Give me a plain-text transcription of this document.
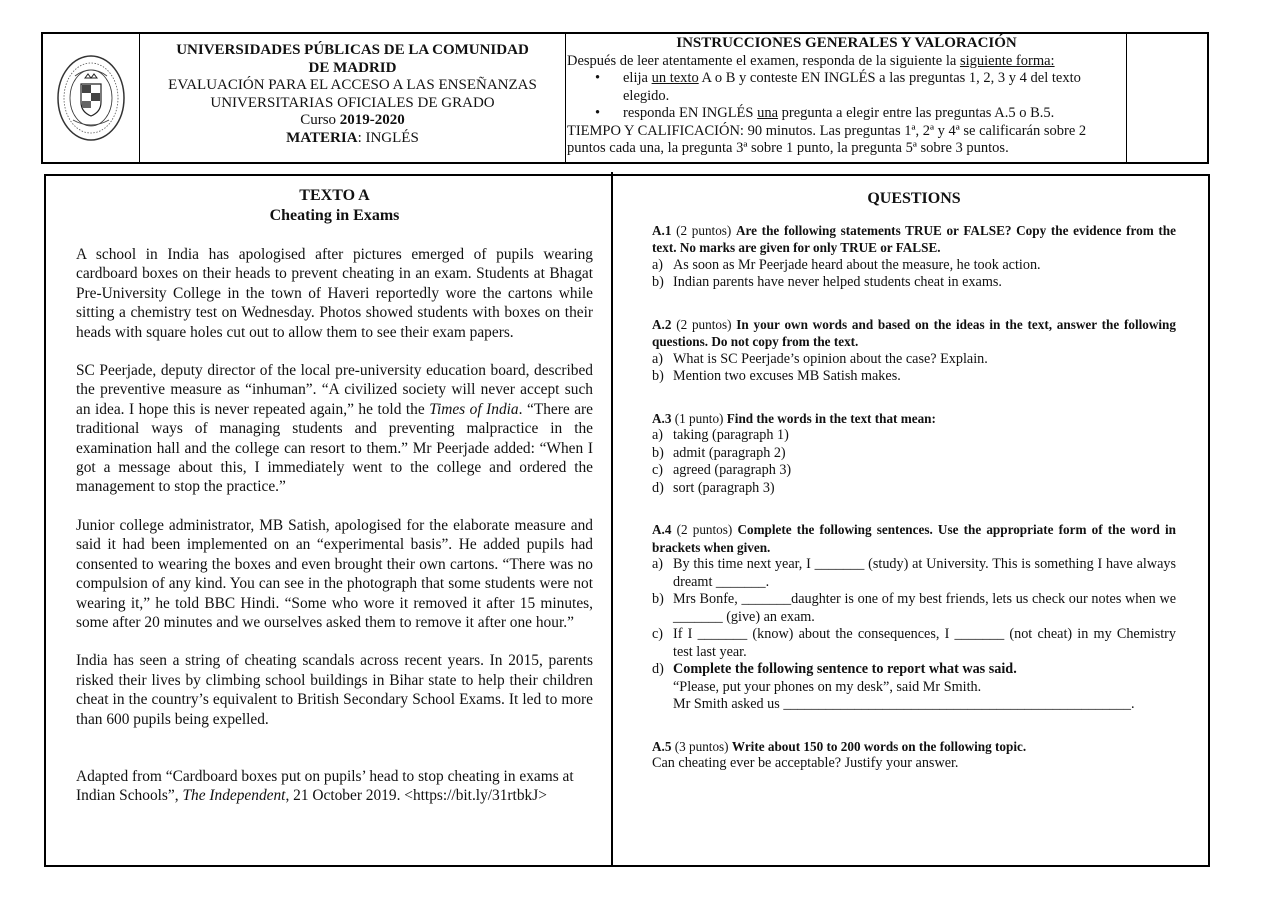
UNIVERSIDADES PÚBLICAS DE LA COMUNIDAD
DE MADRID
EVALUACIÓN PARA EL ACCESO A LAS ENSEÑANZAS
UNIVERSITARIAS OFICIALES DE GRADO
Curso 2019-2020
MATERIA: INGLÉS
INSTRUCCIONES GENERALES Y VALORACIÓN
Después de leer atentamente el examen, responda de la siguiente la siguiente forma:
•	elija un texto A o B y conteste EN INGLÉS a las preguntas 1, 2, 3 y 4 del texto elegido.
•	responda EN INGLÉS una pregunta a elegir entre las preguntas A.5 o B.5.
TIEMPO Y CALIFICACIÓN: 90 minutos. Las preguntas 1ª, 2ª y 4ª se calificarán sobre 2 puntos cada una, la pregunta 3ª sobre 1 punto, la pregunta 5ª sobre 3 puntos.
TEXTO A
Cheating in Exams

A school in India has apologised after pictures emerged of pupils wearing cardboard boxes on their heads to prevent cheating in an exam. Students at Bhagat Pre-University College in the town of Haveri reportedly wore the cartons while sitting a chemistry test on Wednesday. Photos showed students with boxes on their heads with square holes cut out to allow them to see their exam papers.

SC Peerjade, deputy director of the local pre-university education board, described the preventive measure as “inhuman”. “A civilized society will never accept such an idea. I hope this is never repeated again,” he told the Times of India. “There are traditional ways of managing students and preventing malpractice in the examination hall and the college can resort to them.” Mr Peerjade added: “When I got a message about this, I immediately went to the college and ordered the management to stop the practice.”

Junior college administrator, MB Satish, apologised for the elaborate measure and said it had been implemented on an “experimental basis”. He added pupils had consented to wearing the boxes and even brought their own cartons. “There was no compulsion of any kind. You can see in the photograph that some students were not wearing it,” he told BBC Hindi. “Some who wore it removed it after 15 minutes, some after 20 minutes and we ourselves asked them to remove it after one hour.”

India has seen a string of cheating scandals across recent years. In 2015, parents risked their lives by climbing school buildings in Bihar state to help their children cheat in the country’s equivalent to British Secondary School Exams. It led to more than 600 pupils being expelled.

Adapted from “Cardboard boxes put on pupils’ head to stop cheating in exams at Indian Schools”, The Independent, 21 October 2019. <https://bit.ly/31rtbkJ>

QUESTIONS
A.1 (2 puntos) Are the following statements TRUE or FALSE? Copy the evidence from the text. No marks are given for only TRUE or FALSE.
a) As soon as Mr Peerjade heard about the measure, he took action.
b) Indian parents have never helped students cheat in exams.
A.2 (2 puntos) In your own words and based on the ideas in the text, answer the following questions. Do not copy from the text.
a) What is SC Peerjade’s opinion about the case? Explain.
b) Mention two excuses MB Satish makes.
A.3 (1 punto) Find the words in the text that mean:
a) taking (paragraph 1)
b) admit (paragraph 2)
c) agreed (paragraph 3)
d) sort (paragraph 3)
A.4 (2 puntos) Complete the following sentences. Use the appropriate form of the word in brackets when given.
a) By this time next year, I _______ (study) at University. This is something I have always dreamt _______.
b) Mrs Bonfe, _______daughter is one of my best friends, lets us check our notes when we _______ (give) an exam.
c) If I _______ (know) about the consequences, I _______ (not cheat) in my Chemistry test last year.
d) Complete the following sentence to report what was said.
“Please, put your phones on my desk”, said Mr Smith.
Mr Smith asked us _________________________________________________.
A.5 (3 puntos) Write about 150 to 200 words on the following topic.
Can cheating ever be acceptable? Justify your answer.
